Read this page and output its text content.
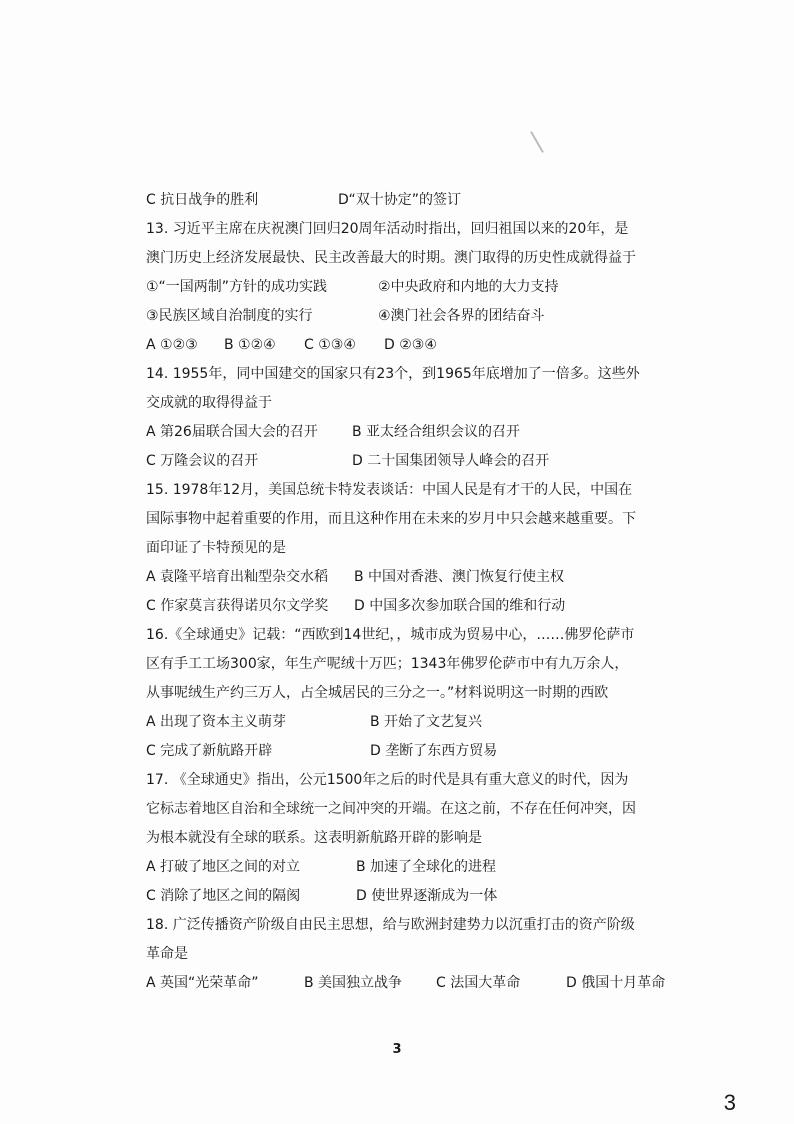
C 抗日战争的胜利	D“双十协定”的签订
13. 习近平主席在庆祝澳门回归20周年活动时指出，回归祖国以来的20年，是
澳门历史上经济发展最快、民主改善最大的时期。澳门取得的历史性成就得益于
①“一国两制”方针的成功实践	②中央政府和内地的大力支持
③民族区域自治制度的实行	④澳门社会各界的团结奋斗
A ①②③ B ①②④ C ①③④ D ②③④
14. 1955年，同中国建交的国家只有23个，到1965年底增加了一倍多。这些外
交成就的取得得益于
A 第26届联合国大会的召开 B 亚太经合组织会议的召开
C 万隆会议的召开	D 二十国集团领导人峰会的召开
15. 1978年12月，美国总统卡特发表谈话：中国人民是有才干的人民，中国在
国际事物中起着重要的作用，而且这种作用在未来的岁月中只会越来越重要。下
面印证了卡特预见的是
A 袁隆平培育出籼型杂交水稻 B 中国对香港、澳门恢复行使主权
C 作家莫言获得诺贝尔文学奖 D 中国多次参加联合国的维和行动
16.《全球通史》记载：“西欧到14世纪，，城市成为贸易中心，……佛罗伦萨市
区有手工工场300家，年生产呢绒十万匹；1343年佛罗伦萨市中有九万余人，
从事呢绒生产约三万人，占全城居民的三分之一。”材料说明这一时期的西欧
A 出现了资本主义萌芽	B 开始了文艺复兴
C 完成了新航路开辟	D 垄断了东西方贸易
17. 《全球通史》指出，公元1500年之后的时代是具有重大意义的时代，因为
它标志着地区自治和全球统一之间冲突的开端。在这之前，不存在任何冲突，因
为根本就没有全球的联系。这表明新航路开辟的影响是
A 打破了地区之间的对立	B 加速了全球化的进程
C 消除了地区之间的隔阂	D 使世界逐渐成为一体
18. 广泛传播资产阶级自由民主思想，给与欧洲封建势力以沉重打击的资产阶级
革命是
A 英国“光荣革命”	B 美国独立战争 C 法国大革命	D 俄国十月革命
3
3
